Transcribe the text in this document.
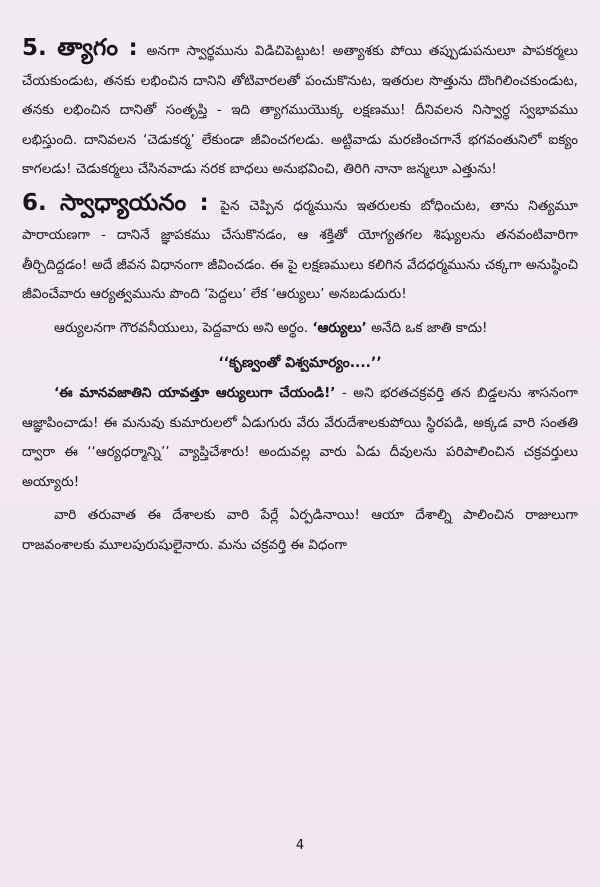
5. త్యాగం : అనగా స్వార్థమును విడిచిపెట్టుట! అత్యాశకు పోయి తప్పుడుపనులూ పాపకర్మలు చేయకుండుట, తనకు లభించిన దానిని తోటివారలతో పంచుకొనుట, ఇతరుల సొత్తును దొంగిలించకుండుట, తనకు లభించిన దానితో సంతృప్తి - ఇది త్యాగముయొక్క లక్షణము! దీనివలన నిస్వార్థ స్వభావము లభిస్తుంది. దానివలన ‘చెడుకర్మ’ లేకుండా జీవించగలడు. అట్టివాడు మరణించగానే భగవంతునిలో ఐక్యం కాగలడు! చెడుకర్మలు చేసినవాడు నరక బాధలు అనుభవించి, తిరిగి నానా జన్మలూ ఎత్తును!

6. స్వాధ్యాయనం : పైన చెప్పిన ధర్మమును ఇతరులకు బోధించుట, తాను నిత్యమూ పారాయణగా - దానినే జ్ఞాపకము చేసుకొనడం, ఆ శక్తితో యోగ్యతగల శిష్యులను తనవంటివారిగా తీర్చిదిద్దడం! అదే జీవన విధానంగా జీవించడం. ఈ పై లక్షణములు కలిగిన వేదధర్మమును చక్కగా అనుష్ఠించి జీవించేవారు ఆర్యత్వమును పొంది ‘పెద్దలు’ లేక ‘ఆర్యులు’ అనబడుదురు!

ఆర్యులనగా గౌరవనీయులు, పెద్దవారు అని అర్థం. ‘ఆర్యులు’ అనేది ఒక జాతి కాదు!

‘‘కృణ్వంతో విశ్వమార్యం....’’

‘ఈ మానవజాతిని యావత్తూ ఆర్యులుగా చేయండి!’ - అని భరతచక్రవర్తి తన బిడ్డలను శాసనంగా ఆజ్ఞాపించాడు! ఈ మనువు కుమారులలో ఏడుగురు వేరు వేరుదేశాలకుపోయి స్థిరపడి, అక్కడ వారి సంతతి ద్వారా ఈ ‘‘ఆర్యధర్మాన్ని’’ వ్యాప్తిచేశారు! అందువల్ల వారు ఏడు దీవులను పరిపాలించిన చక్రవర్తులు అయ్యారు!

వారి తరువాత ఈ దేశాలకు వారి పేర్లే ఏర్పడినాయి! ఆయా దేశాల్ని పాలించిన రాజులుగా రాజవంశాలకు మూలపురుషులైనారు. మను చక్రవర్తి ఈ విధంగా

4
